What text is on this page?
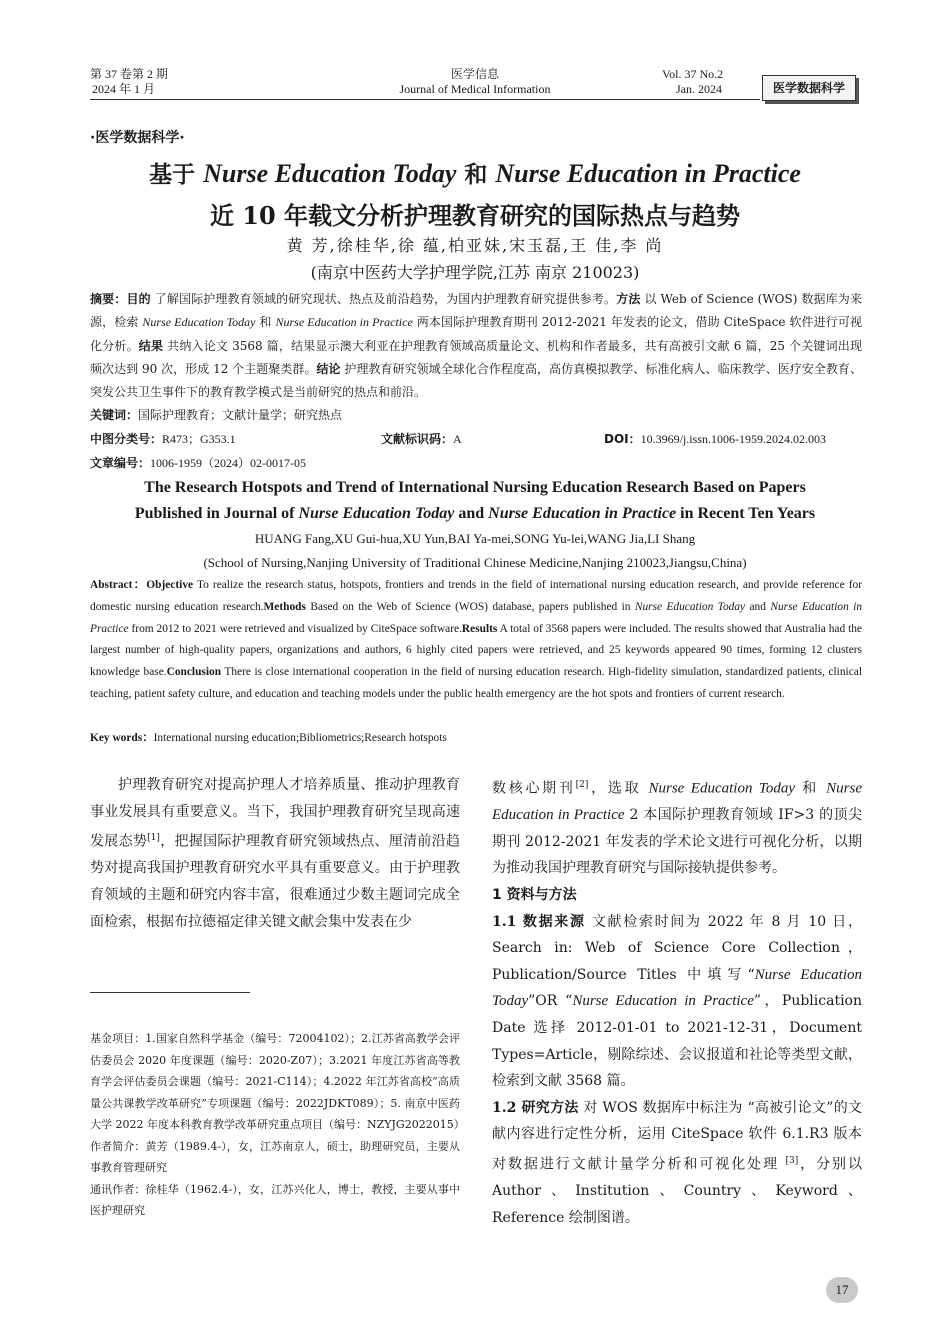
第 37 卷第 2 期
2024 年 1 月
医学信息
Journal of Medical Information
Vol. 37 No.2
Jan. 2024	医学数据科学
·医学数据科学·
基于 Nurse Education Today 和 Nurse Education in Practice
近 10 年载文分析护理教育研究的国际热点与趋势
黄 芳,徐桂华,徐 蕴,柏亚妹,宋玉磊,王 佳,李 尚
(南京中医药大学护理学院,江苏 南京 210023)
摘要：目的 了解国际护理教育领域的研究现状、热点及前沿趋势，为国内护理教育研究提供参考。方法 以 Web of Science (WOS) 数据库为来源，检索 Nurse Education Today 和 Nurse Education in Practice 两本国际护理教育期刊 2012-2021 年发表的论文，借助 CiteSpace 软件进行可视化分析。结果 共纳入论文 3568 篇，结果显示澳大利亚在护理教育领域高质量论文、机构和作者最多，共有高被引文献 6 篇，25 个关键词出现频次达到 90 次，形成 12 个主题聚类群。结论 护理教育研究领域全球化合作程度高，高仿真模拟教学、标准化病人、临床教学、医疗安全教育、突发公共卫生事件下的教育教学模式是当前研究的热点和前沿。
关键词：国际护理教育；文献计量学；研究热点
中图分类号：R473；G353.1	文献标识码：A	DOI：10.3969/j.issn.1006-1959.2024.02.003
文章编号：1006-1959（2024）02-0017-05
The Research Hotspots and Trend of International Nursing Education Research Based on Papers
Published in Journal of Nurse Education Today and Nurse Education in Practice in Recent Ten Years
HUANG Fang,XU Gui-hua,XU Yun,BAI Ya-mei,SONG Yu-lei,WANG Jia,LI Shang
(School of Nursing,Nanjing University of Traditional Chinese Medicine,Nanjing 210023,Jiangsu,China)
Abstract：Objective To realize the research status, hotspots, frontiers and trends in the field of international nursing education research, and provide reference for domestic nursing education research.Methods Based on the Web of Science (WOS) database, papers published in Nurse Education Today and Nurse Education in Practice from 2012 to 2021 were retrieved and visualized by CiteSpace software.Results A total of 3568 papers were included. The results showed that Australia had the largest number of high-quality papers, organizations and authors, 6 highly cited papers were retrieved, and 25 keywords appeared 90 times, forming 12 clusters knowledge base.Conclusion There is close international cooperation in the field of nursing education research. High-fidelity simulation, standardized patients, clinical teaching, patient safety culture, and education and teaching models under the public health emergency are the hot spots and frontiers of current research.
Key words：International nursing education;Bibliometrics;Research hotspots

护理教育研究对提高护理人才培养质量、推动护理教育事业发展具有重要意义。当下，我国护理教育研究呈现高速发展态势[1]，把握国际护理教育研究领域热点、厘清前沿趋势对提高我国护理教育研究水平具有重要意义。由于护理教育领域的主题和研究内容丰富，很难通过少数主题词完成全面检索，根据布拉德福定律关键文献会集中发表在少

基金项目：1.国家自然科学基金（编号：72004102）；2.江苏省高教学会评估委员会 2020 年度课题（编号：2020-Z07）；3.2021 年度江苏省高等教育学会评估委员会课题（编号：2021-C114）；4.2022 年江苏省高校“高质量公共课教学改革研究”专项课题（编号：2022JDKT089）；5. 南京中医药大学 2022 年度本科教育教学改革研究重点项目（编号：NZYJG2022015）

作者简介：黄芳（1989.4-），女，江苏南京人，硕士，助理研究员，主要从事教育管理研究

通讯作者：徐桂华（1962.4-），女，江苏兴化人，博士，教授，主要从事中医护理研究

数核心期刊[2]，选取 Nurse Education Today 和 Nurse Education in Practice 2 本国际护理教育领域 IF>3 的顶尖期刊 2012-2021 年发表的学术论文进行可视化分析，以期为推动我国护理教育研究与国际接轨提供参考。

1 资料与方法

1.1 数据来源 文献检索时间为 2022 年 8 月 10 日，Search in: Web of Science Core Collection，Publication/Source Titles 中填写“Nurse Education Today”OR “Nurse Education in Practice”，Publication Date 选择 2012-01-01 to 2021-12-31，Document Types=Article，剔除综述、会议报道和社论等类型文献，检索到文献 3568 篇。

1.2 研究方法 对 WOS 数据库中标注为 “高被引论文”的文献内容进行定性分析，运用 CiteSpace 软件 6.1.R3 版本对数据进行文献计量学分析和可视化处理 [3]，分别以 Author、Institution、Country、Keyword、Reference 绘制图谱。

17
